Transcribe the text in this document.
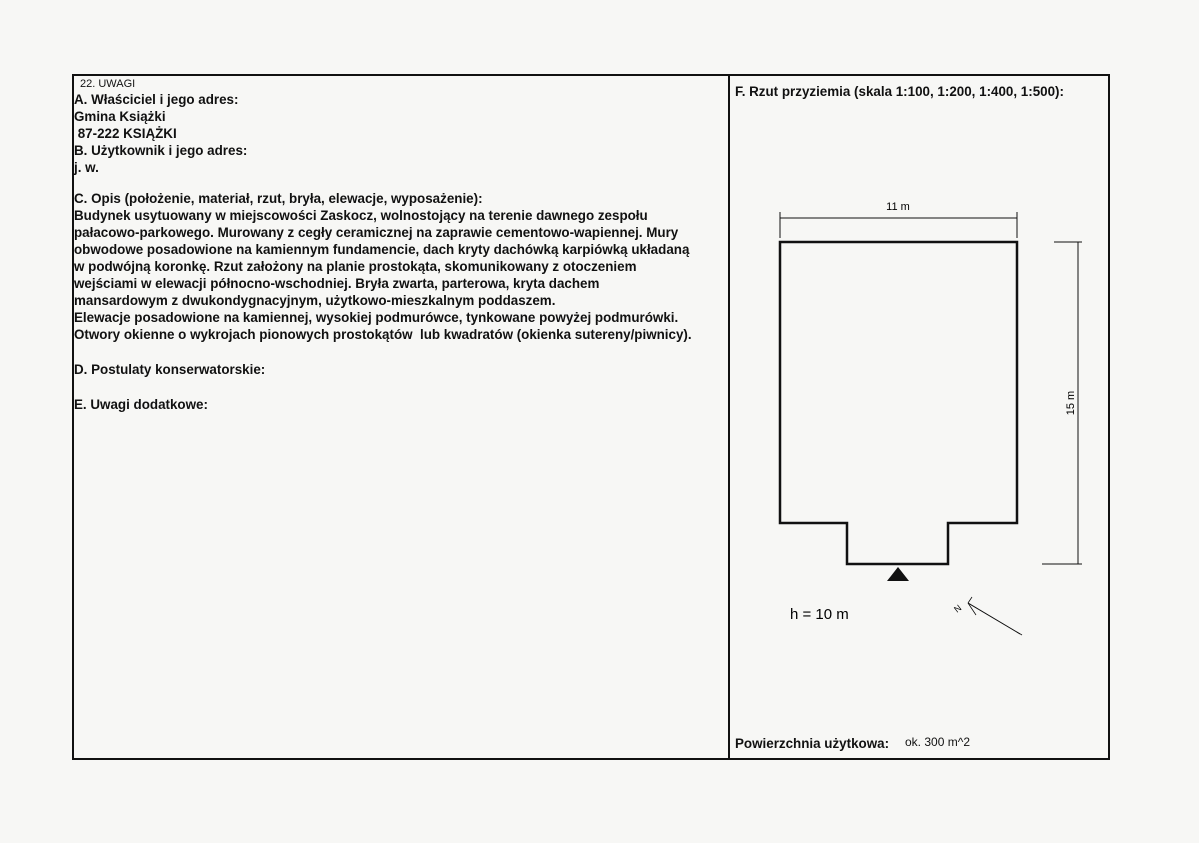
22. UWAGI
A. Właściciel i jego adres:
Gmina Książki
87-222 KSIĄŻKI
B. Użytkownik i jego adres:
j. w.
C. Opis (położenie, materiał, rzut, bryła, elewacje, wyposażenie):
Budynek usytuowany w miejscowości Zaskocz, wolnostojący na terenie dawnego zespołu
pałacowo-parkowego. Murowany z cegły ceramicznej na zaprawie cementowo-wapiennej. Mury
obwodowe posadowione na kamiennym fundamencie, dach kryty dachówką karpiówką układaną
w podwójną koronkę. Rzut założony na planie prostokąta, skomunikowany z otoczeniem
wejściami w elewacji północno-wschodniej. Bryła zwarta, parterowa, kryta dachem
mansardowym z dwukondygnacyjnym, użytkowo-mieszkalnym poddaszem.
Elewacje posadowione na kamiennej, wysokiej podmurówce, tynkowane powyżej podmurówki.
Otwory okienne o wykrojach pionowych prostokątów  lub kwadratów (okienka sutereny/piwnicy).
D. Postulaty konserwatorskie:
E. Uwagi dodatkowe:
F. Rzut przyziemia (skala 1:100, 1:200, 1:400, 1:500):
11 m
15 m
h = 10 m	N
Powierzchnia użytkowa: ok. 300 m^2
